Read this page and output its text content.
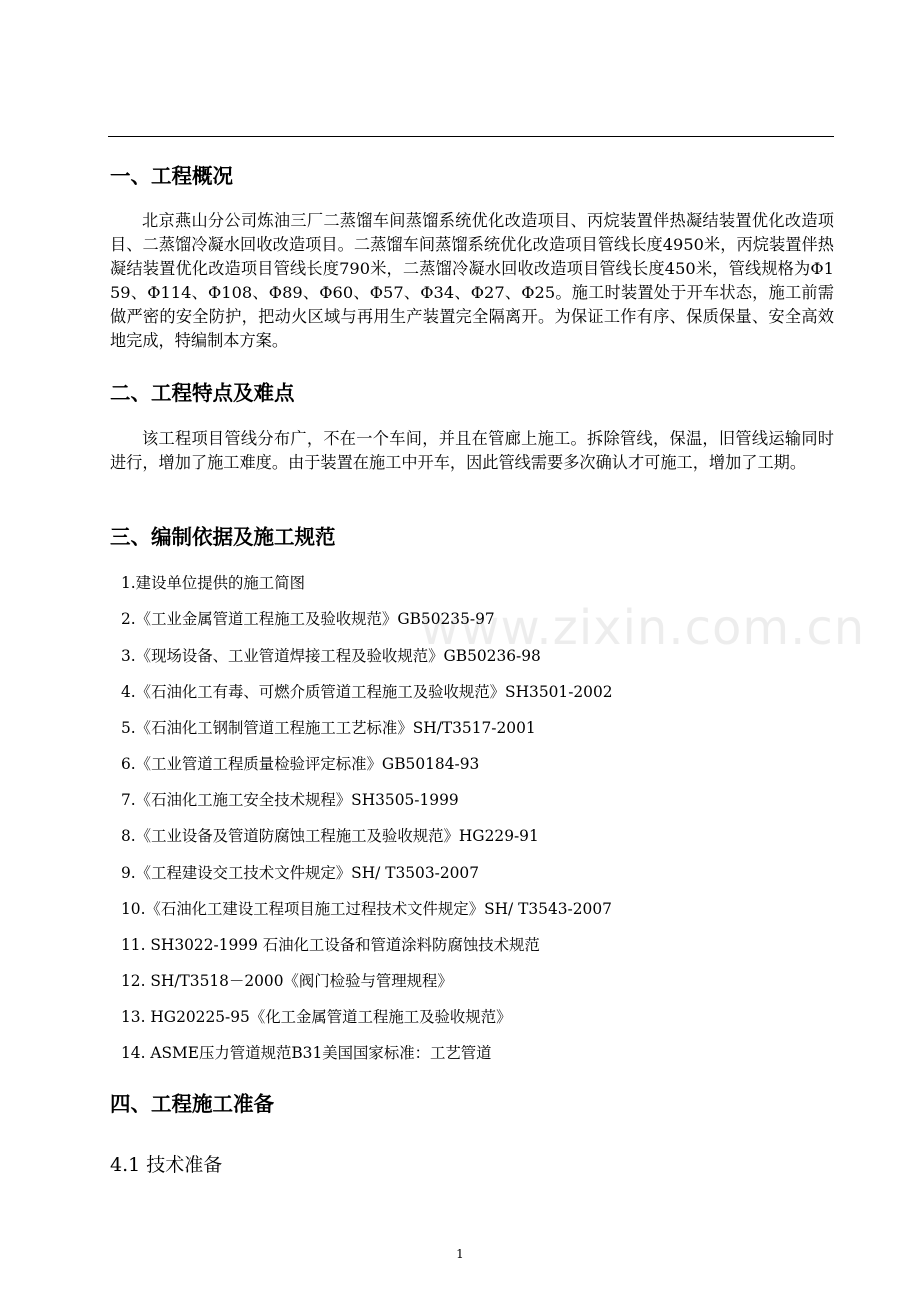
一、工程概况

北京燕山分公司炼油三厂二蒸馏车间蒸馏系统优化改造项目、丙烷装置伴热凝结装置优化改造项目、二蒸馏冷凝水回收改造项目。二蒸馏车间蒸馏系统优化改造项目管线长度4950米，丙烷装置伴热凝结装置优化改造项目管线长度790米，二蒸馏冷凝水回收改造项目管线长度450米，管线规格为Φ159、Φ114、Φ108、Φ89、Φ60、Φ57、Φ34、Φ27、Φ25。施工时装置处于开车状态，施工前需做严密的安全防护，把动火区域与再用生产装置完全隔离开。为保证工作有序、保质保量、安全高效地完成，特编制本方案。

二、工程特点及难点

该工程项目管线分布广，不在一个车间，并且在管廊上施工。拆除管线，保温，旧管线运输同时进行，增加了施工难度。由于装置在施工中开车，因此管线需要多次确认才可施工，增加了工期。

三、编制依据及施工规范

1.建设单位提供的施工简图

2.《工业金属管道工程施工及验收规范》GB50235-97

3.《现场设备、工业管道焊接工程及验收规范》GB50236-98

4.《石油化工有毒、可燃介质管道工程施工及验收规范》SH3501-2002

5.《石油化工钢制管道工程施工工艺标准》SH/T3517-2001

6.《工业管道工程质量检验评定标准》GB50184-93

7.《石油化工施工安全技术规程》SH3505-1999

8.《工业设备及管道防腐蚀工程施工及验收规范》HG229-91

9.《工程建设交工技术文件规定》SH/ T3503-2007

10.《石油化工建设工程项目施工过程技术文件规定》SH/ T3543-2007

11. SH3022-1999 石油化工设备和管道涂料防腐蚀技术规范

12. SH/T3518－2000《阀门检验与管理规程》

13. HG20225-95《化工金属管道工程施工及验收规范》

14. ASME压力管道规范B31美国国家标准：工艺管道

四、工程施工准备

4.1 技术准备

www.zixin.com.cn
1
